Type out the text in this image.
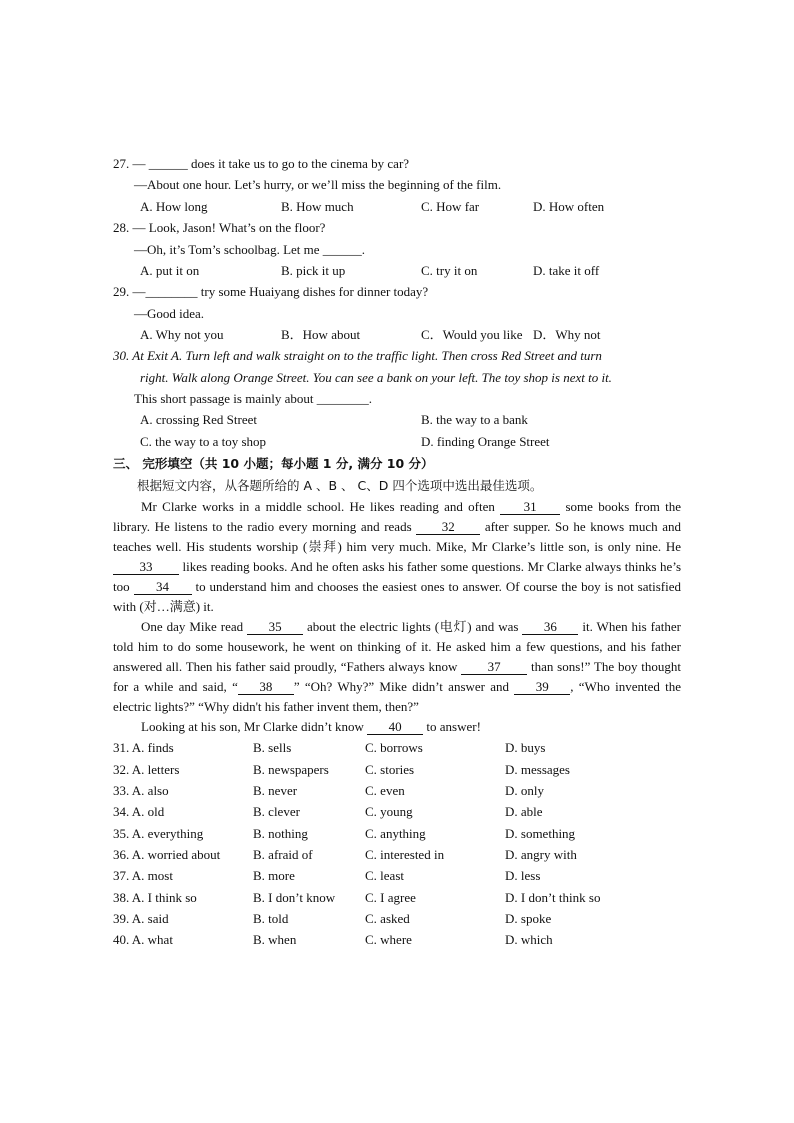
27. — ______ does it take us to go to the cinema by car?
—About one hour. Let’s hurry, or we’ll miss the beginning of the film.
A. How long	B. How much	C. How far	D. How often
28. — Look, Jason! What’s on the floor?
—Oh, it’s Tom’s schoolbag. Let me ______.
A. put it on	B. pick it up	C. try it on	D. take it off
29. —________ try some Huaiyang dishes for dinner today?
—Good idea.
A. Why not you	B．How about	C．Would you like D．Why not
30. At Exit A. Turn left and walk straight on to the traffic light. Then cross Red Street and turn
right. Walk along Orange Street. You can see a bank on your left. The toy shop is next to it.
This short passage is mainly about ________.
A. crossing Red Street	B. the way to a bank
C. the way to a toy shop	D. finding Orange Street
三、 完形填空（共 10 小题；每小题 1 分, 满分 10 分）
根据短文内容，从各题所给的 A 、B 、 C、D 四个选项中选出最佳选项。
Mr Clarke works in a middle school. He likes reading and often 31 some books from the library. He listens to the radio every morning and reads 32 after supper. So he knows much and teaches well. His students worship (崇拜) him very much. Mike, Mr Clarke’s little son, is only nine. He 33 likes reading books. And he often asks his father some questions. Mr Clarke always thinks he’s too 34 to understand him and chooses the easiest ones to answer. Of course the boy is not satisfied with (对…满意) it.
One day Mike read 35 about the electric lights (电灯) and was 36 it. When his father told him to do some housework, he went on thinking of it. He asked him a few questions, and his father answered all. Then his father said proudly, “Fathers always know 37 than sons!” The boy thought for a while and said, “ 38 ” “Oh? Why?” Mike didn’t answer and 39 , “Who invented the electric lights?” “Why didn't his father invent them, then?”
Looking at his son, Mr Clarke didn’t know 40 to answer!
31. A. finds	B. sells	C. borrows	D. buys
32. A. letters	B. newspapers	C. stories	D. messages
33. A. also	B. never	C. even	D. only
34. A. old	B. clever	C. young	D. able
35. A. everything	B. nothing	C. anything	D. something
36. A. worried about	B. afraid of	C. interested in	D. angry with
37. A. most	B. more	C. least	D. less
38. A. I think so	B. I don’t know C. I agree	D. I don’t think so
39. A. said	B. told	C. asked	D. spoke
40. A. what	B. when	C. where	D. which
